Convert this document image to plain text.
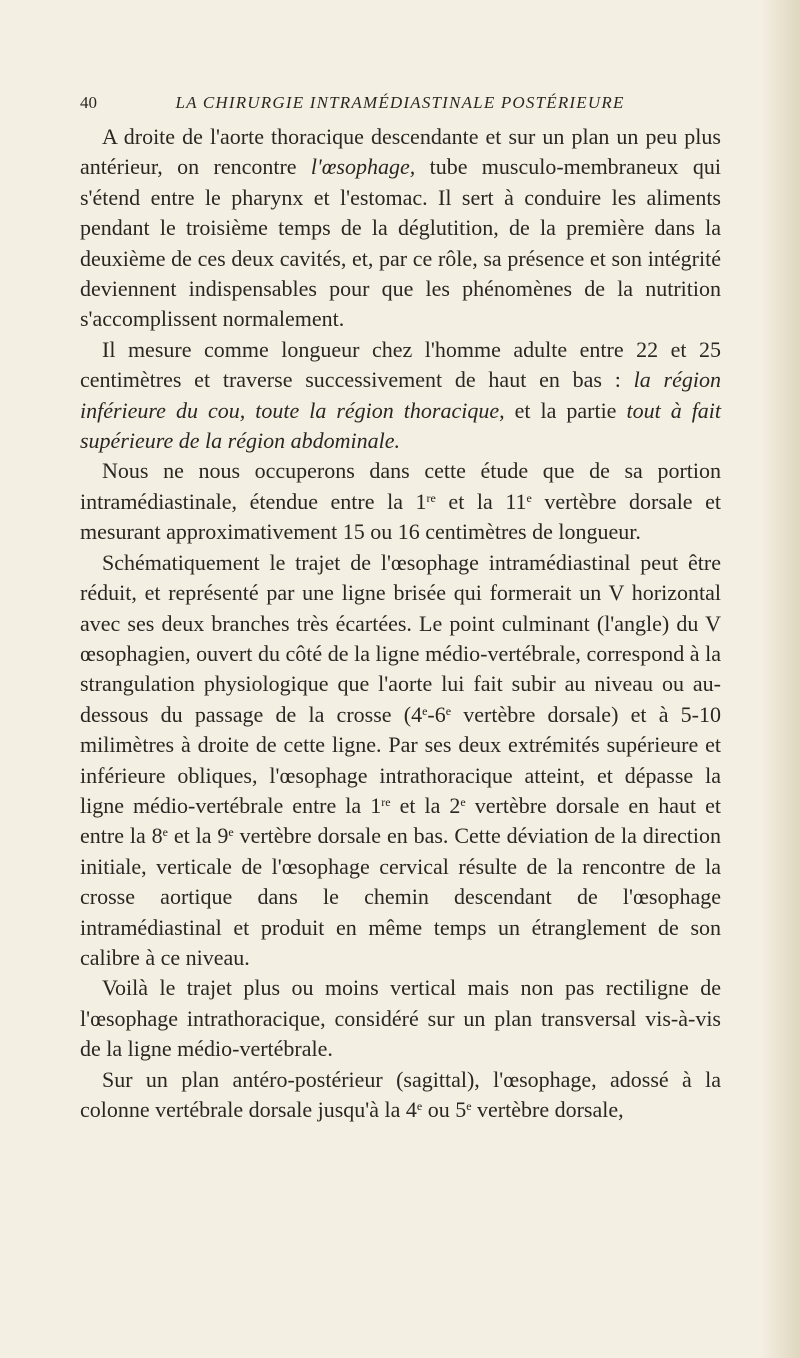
40	LA CHIRURGIE INTRAMÉDIASTINALE POSTÉRIEURE

A droite de l'aorte thoracique descendante et sur un plan un peu plus antérieur, on rencontre l'œsophage, tube musculo-membraneux qui s'étend entre le pharynx et l'estomac. Il sert à conduire les aliments pendant le troisième temps de la déglutition, de la première dans la deuxième de ces deux cavités, et, par ce rôle, sa présence et son intégrité deviennent indispensables pour que les phénomènes de la nutrition s'accomplissent normalement.

Il mesure comme longueur chez l'homme adulte entre 22 et 25 centimètres et traverse successivement de haut en bas : la région inférieure du cou, toute la région thoracique, et la partie tout à fait supérieure de la région abdominale.

Nous ne nous occuperons dans cette étude que de sa portion intramédiastinale, étendue entre la 1re et la 11e vertèbre dorsale et mesurant approximativement 15 ou 16 centimètres de longueur.

Schématiquement le trajet de l'œsophage intramédiastinal peut être réduit, et représenté par une ligne brisée qui formerait un V horizontal avec ses deux branches très écartées. Le point culminant (l'angle) du V œsophagien, ouvert du côté de la ligne médio-vertébrale, correspond à la strangulation physiologique que l'aorte lui fait subir au niveau ou au-dessous du passage de la crosse (4e-6e vertèbre dorsale) et à 5-10 milimètres à droite de cette ligne. Par ses deux extrémités supérieure et inférieure obliques, l'œsophage intrathoracique atteint, et dépasse la ligne médio-vertébrale entre la 1re et la 2e vertèbre dorsale en haut et entre la 8e et la 9e vertèbre dorsale en bas. Cette déviation de la direction initiale, verticale de l'œsophage cervical résulte de la rencontre de la crosse aortique dans le chemin descendant de l'œsophage intramédiastinal et produit en même temps un étranglement de son calibre à ce niveau.

Voilà le trajet plus ou moins vertical mais non pas rectiligne de l'œsophage intrathoracique, considéré sur un plan transversal vis-à-vis de la ligne médio-vertébrale.

Sur un plan antéro-postérieur (sagittal), l'œsophage, adossé à la colonne vertébrale dorsale jusqu'à la 4e ou 5e vertèbre dorsale,
